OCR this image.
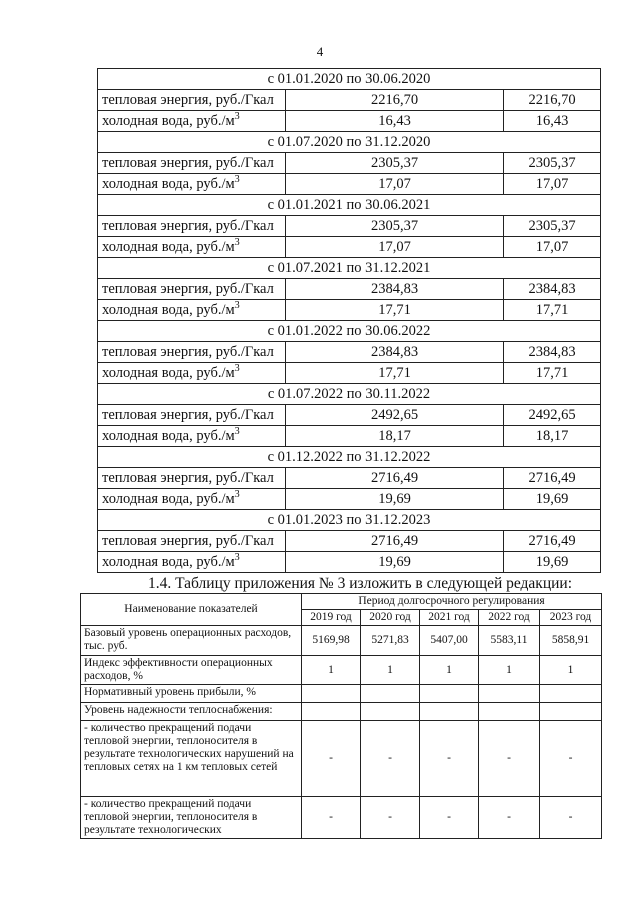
4
с 01.01.2020 по 30.06.2020		
тепловая энергия, руб./Гкал	2216,70	2216,70
холодная вода, $руб./м^3$	16,43	16,43
с 01.07.2020 по 31.12.2020		
тепловая энергия, руб./Гкал	2305,37	2305,37
холодная вода, $руб./м^3$	17,07	17,07
с 01.01.2021 по 30.06.2021		
тепловая энергия, руб./Гкал	2305,37	2305,37
холодная вода, $руб./м^3$	17,07	17,07
с 01.07.2021 по 31.12.2021		
тепловая энергия, руб./Гкал	2384,83	2384,83
холодная вода, $руб./м^3$	17,71	17,71
с 01.01.2022 по 30.06.2022		
тепловая энергия, руб./Гкал	2384,83	2384,83
холодная вода, $руб./м^3$	17,71	17,71
с 01.07.2022 по 30.11.2022		
тепловая энергия, руб./Гкал	2492,65	2492,65
холодная вода, $руб./м^3$	18,17	18,17
с 01.12.2022 по 31.12.2022		
тепловая энергия, руб./Гкал	2716,49	2716,49
холодная вода, $руб./м^3$	19,69	19,69
с 01.01.2023 по 31.12.2023		
тепловая энергия, руб./Гкал	2716,49	2716,49
холодная вода, $руб./м^3$	19,69	19,69
1.4. Таблицу приложения № 3 изложить в следующей редакции:
Наименование показателей	Период долгосрочного регулирования				
	2019 год	2020 год	2021 год	2022 год	2023 год
Базовый уровень операционных расходов, тыс. руб.	5169,98	5271,83	5407,00	5583,11	5858,91
Индекс эффективности операционных расходов, %	1	1	1	1	1
Нормативный уровень прибыли, %					
Уровень надежности теплоснабжения:					
- количество прекращений подачи тепловой энергии, теплоносителя в результате технологических нарушений на тепловых сетях на 1 км тепловых сетей	-	-	-	-	-
- количество прекращений подачи тепловой энергии, теплоносителя в результате технологических	-	-	-	-	-
